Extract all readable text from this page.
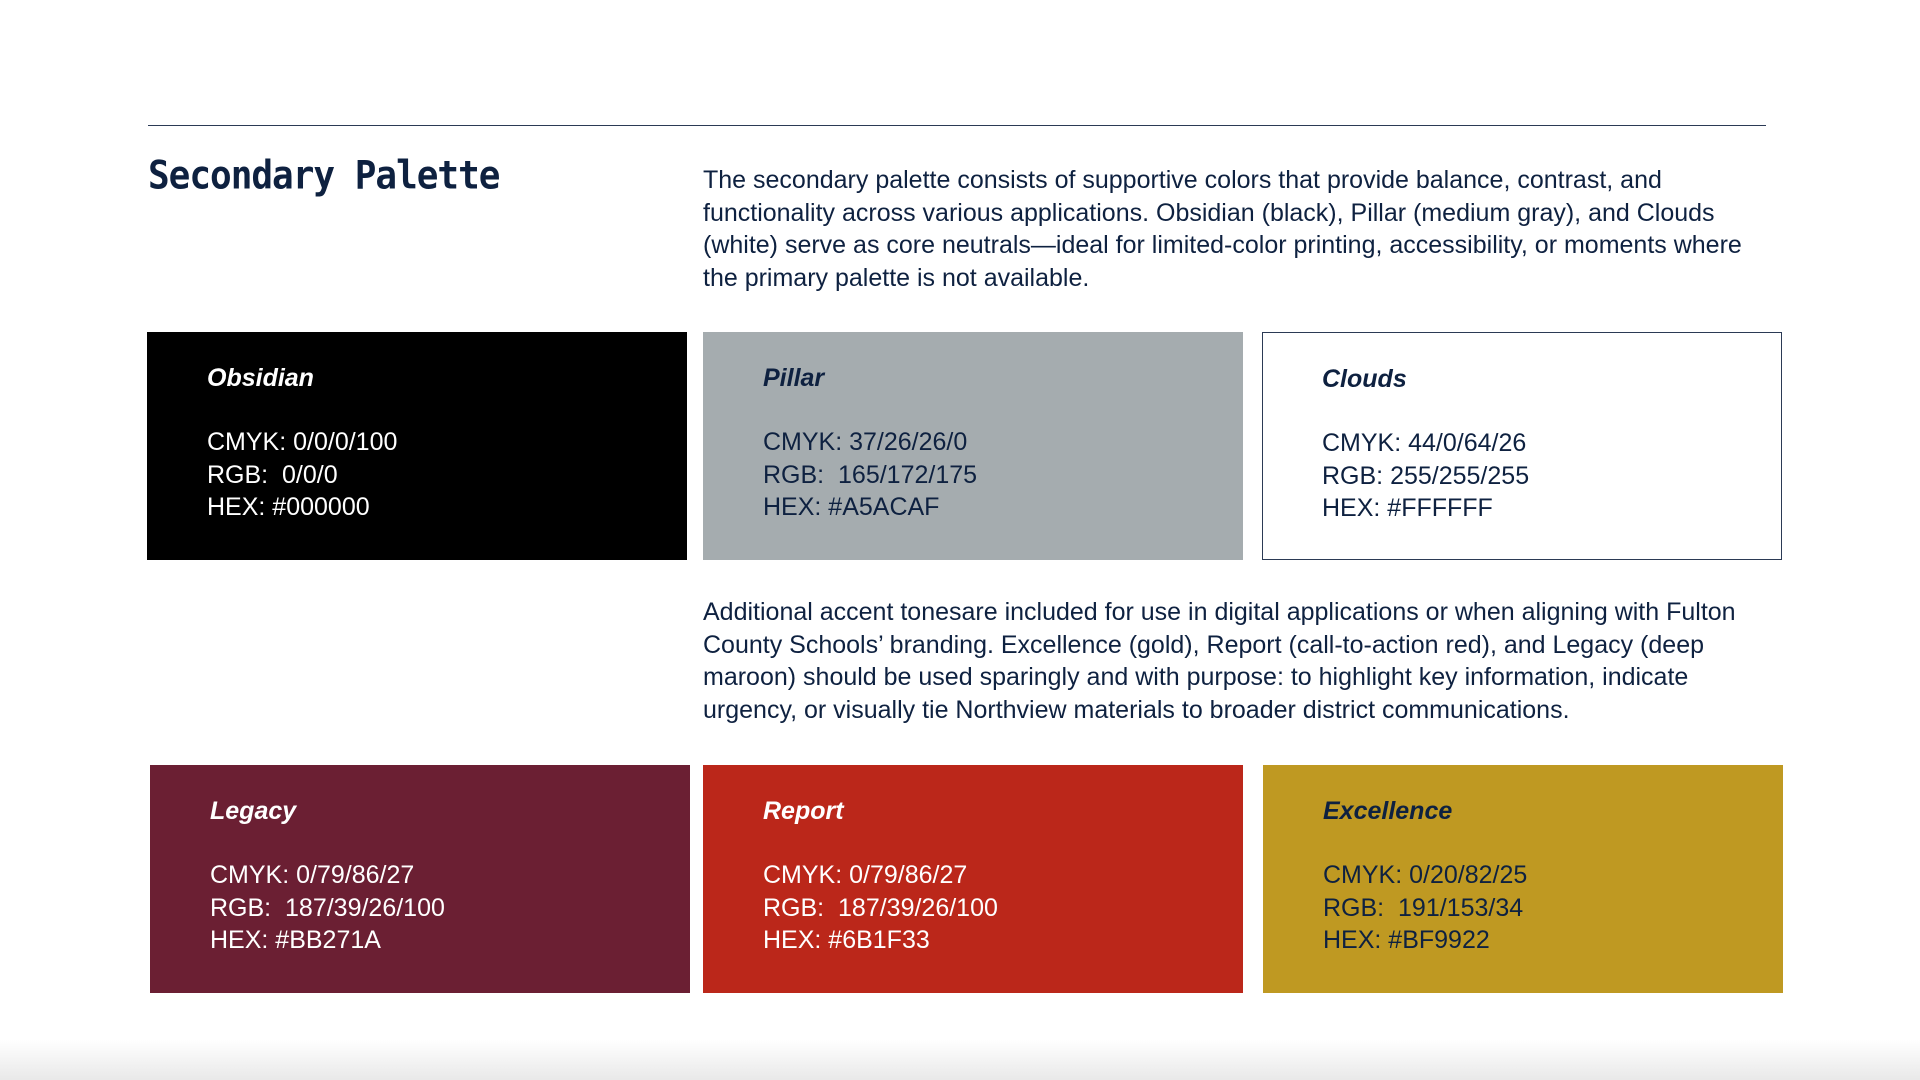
Secondary Palette	The secondary palette consists of supportive colors that provide balance, contrast, and functionality across various applications. Obsidian (black), Pillar (medium gray), and Clouds (white) serve as core neutrals—ideal for limited-color printing, accessibility, or moments where the primary palette is not available.

Obsidian

CMYK: 0/0/0/100
RGB:  0/0/0
HEX: #000000

Pillar

CMYK: 37/26/26/0
RGB:  165/172/175
HEX: #A5ACAF

Clouds

CMYK: 44/0/64/26
RGB: 255/255/255
HEX: #FFFFFF

Additional accent tonesare included for use in digital applications or when aligning with Fulton County Schools’ branding. Excellence (gold), Report (call-to-action red), and Legacy (deep maroon) should be used sparingly and with purpose: to highlight key information, indicate urgency, or visually tie Northview materials to broader district communications.

Legacy

CMYK: 0/79/86/27
RGB:  187/39/26/100
HEX: #BB271A

Report

CMYK: 0/79/86/27
RGB:  187/39/26/100
HEX: #6B1F33

Excellence

CMYK: 0/20/82/25
RGB:  191/153/34
HEX: #BF9922
